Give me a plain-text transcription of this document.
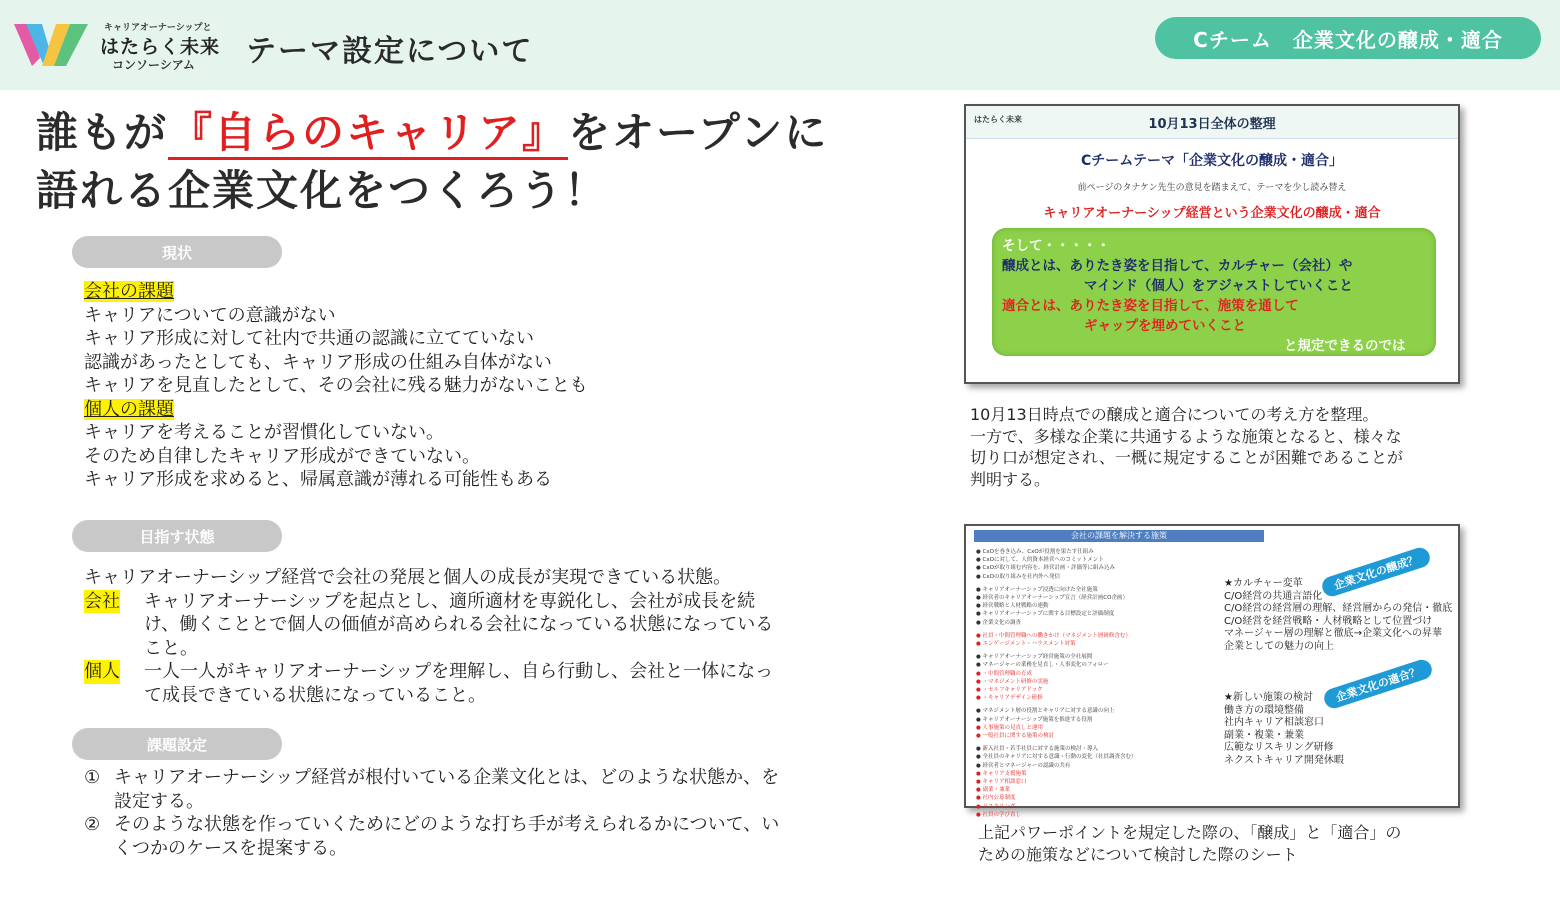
キャリアオーナーシップと
はたらく未来
コンソーシアム テーマ設定について	Cチーム　企業文化の醸成・適合
誰もが『自らのキャリア』をオープンに
語れる企業文化をつくろう！
現状
会社の課題
キャリアについての意識がない
キャリア形成に対して社内で共通の認識に立てていない
認識があったとしても、キャリア形成の仕組み自体がない
キャリアを見直したとして、その会社に残る魅力がないことも
個人の課題
キャリアを考えることが習慣化していない。
そのため自律したキャリア形成ができていない。
キャリア形成を求めると、帰属意識が薄れる可能性もある
目指す状態
キャリアオーナーシップ経営で会社の発展と個人の成長が実現できている状態。
会社	キャリアオーナーシップを起点とし、適所適材を専鋭化し、会社が成長を続け、働くこととで個人の価値が高められる会社になっている状態になっていること。
個人	一人一人がキャリアオーナーシップを理解し、自ら行動し、会社と一体になって成長できている状態になっていること。
課題設定
① キャリアオーナーシップ経営が根付いている企業文化とは、どのような状態か、を設定する。
② そのような状態を作っていくためにどのような打ち手が考えられるかについて、いくつかのケースを提案する。
はたらく未来	10月13日全体の整理
Cチームテーマ「企業文化の醸成・適合」
前ページのタナケン先生の意見を踏まえて、テーマを少し読み替え
キャリアオーナーシップ経営という企業文化の醸成・適合
そして・・・・・
醸成とは、ありたき姿を目指して、カルチャー（会社）や
マインド（個人）をアジャストしていくこと
適合とは、ありたき姿を目指して、施策を通して
ギャップを埋めていくこと
と規定できるのでは
10月13日時点での醸成と適合についての考え方を整理。
一方で、多様な企業に共通するような施策となると、様々な
切り口が想定され、一概に規定することが困難であることが
判明する。
会社の課題を解決する施策
● CxOを巻き込み、CxOが役割を果たす仕組み
● CxOに対して、人的資本経営へのコミットメント
● CxOが取り組む内容を、経営計画・評価等に組み込み
● CxOの取り組みを社内外へ発信
● キャリアオーナーシップ浸透に向けた全社施策
● 経営者のキャリアオーナーシップ宣言（経営計画CO企画）
● 経営戦略と人材戦略の連動
● キャリアオーナーシップに関する目標設定と評価制度
● 企業文化の調査
● 社員・中間管理職への働きかけ（マネジメント層研修含む）
● エンゲージメント・ハラスメント対策
● キャリアオーナーシップ経営施策の全社展開
● マネージャーの業務を見直し・人事変化のフォロー
● ・中間管理職の育成
● ・マネジメント研修の実施
● ・セルフキャリアドック
● ・キャリアデザイン研修
● マネジメント層の役割とキャリアに対する意識の向上
● キャリアオーナーシップ施策を推進する役割
● 人事施策の見直しと運用
● 一般社員に関する施策の検討
● 新入社員・若手社員に対する施策の検討・導入
● 全社員のキャリアに対する意識・行動の変化（社員調査含む）
● 経営者とマネージャーの認識の共有
● キャリア支援施策
● キャリア相談窓口
● 副業・兼業
● 社内公募制度
● リスキリング
● 社員の学び直し
企業文化の醸成？
★カルチャー変革
C/O経営の共通言語化
C/O経営の経営層の理解、経営層からの発信・徹底
C/O経営を経営戦略・人材戦略として位置づけ
マネージャー層の理解と徹底→企業文化への昇華
企業としての魅力の向上
企業文化の適合？
★新しい施策の検討
働き方の環境整備
社内キャリア相談窓口
副業・複業・兼業
広範なリスキリング研修
ネクストキャリア開発休暇
上記パワーポイントを規定した際の、「醸成」と「適合」の
ための施策などについて検討した際のシート
